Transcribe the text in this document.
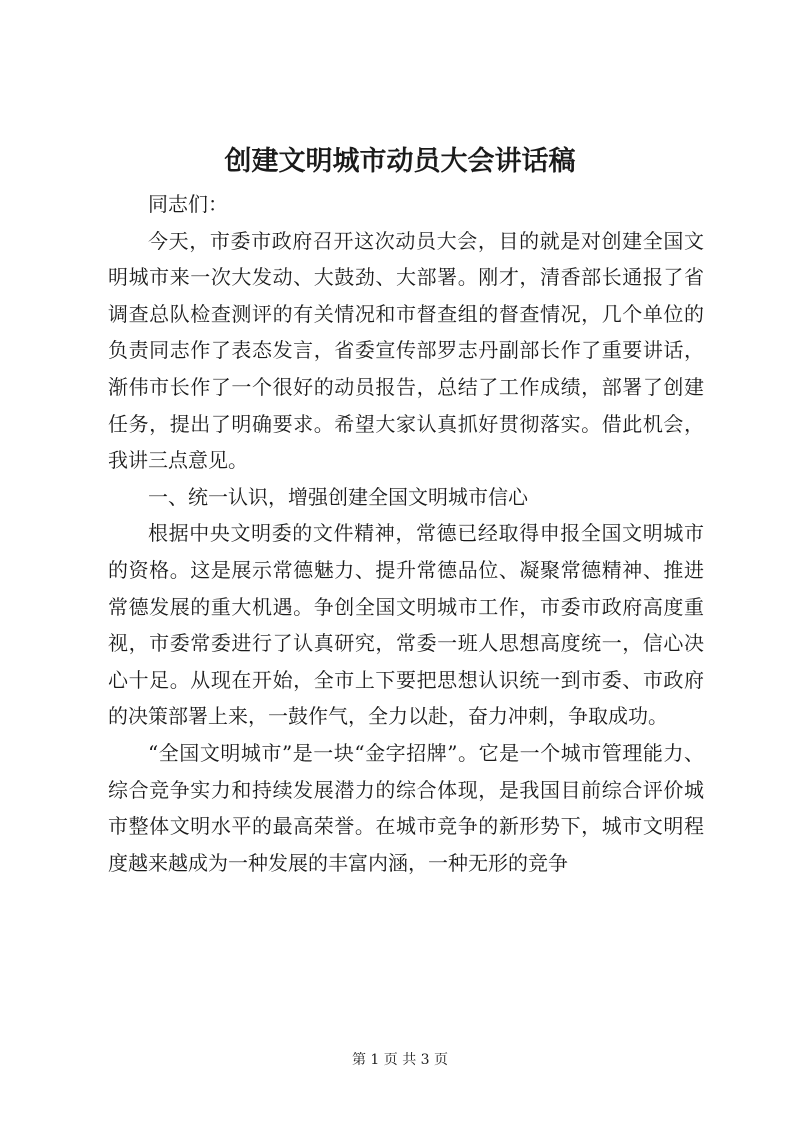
创建文明城市动员大会讲话稿

同志们：

今天，市委市政府召开这次动员大会，目的就是对创建全国文明城市来一次大发动、大鼓劲、大部署。刚才，清香部长通报了省调查总队检查测评的有关情况和市督查组的督查情况，几个单位的负责同志作了表态发言，省委宣传部罗志丹副部长作了重要讲话，渐伟市长作了一个很好的动员报告，总结了工作成绩，部署了创建任务，提出了明确要求。希望大家认真抓好贯彻落实。借此机会，我讲三点意见。

一、统一认识，增强创建全国文明城市信心

根据中央文明委的文件精神，常德已经取得申报全国文明城市的资格。这是展示常德魅力、提升常德品位、凝聚常德精神、推进常德发展的重大机遇。争创全国文明城市工作，市委市政府高度重视，市委常委进行了认真研究，常委一班人思想高度统一，信心决心十足。从现在开始，全市上下要把思想认识统一到市委、市政府的决策部署上来，一鼓作气，全力以赴，奋力冲刺，争取成功。

“全国文明城市”是一块“金字招牌”。它是一个城市管理能力、综合竞争实力和持续发展潜力的综合体现，是我国目前综合评价城市整体文明水平的最高荣誉。在城市竞争的新形势下，城市文明程度越来越成为一种发展的丰富内涵，一种无形的竞争

第 1 页 共 3 页
